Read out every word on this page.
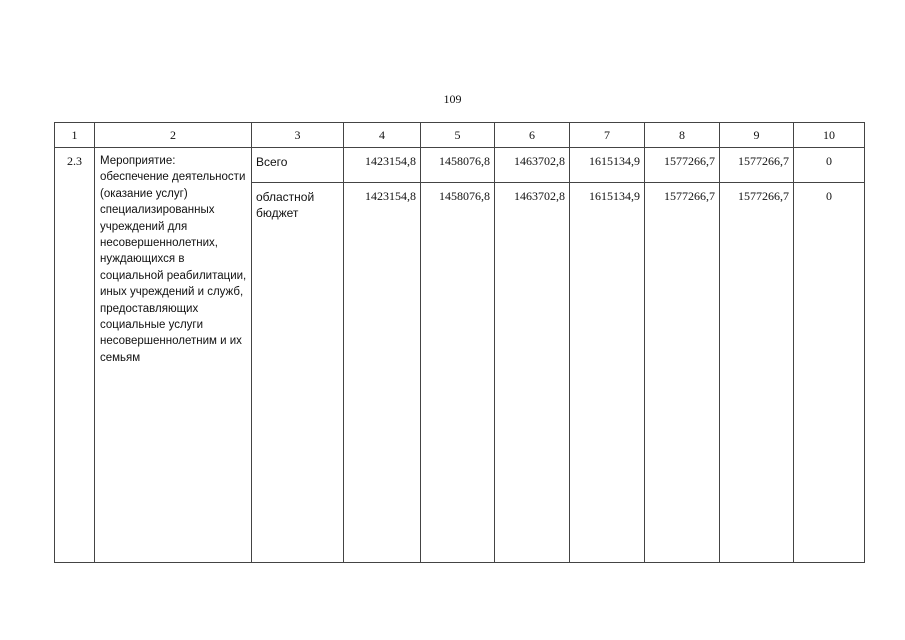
109
1	2	3	4	5	6	7	8	9	10
2.3	Мероприятие: обеспечение деятельности (оказание услуг) специализированных учреждений для несовершеннолетних, нуждающихся в социальной реабилитации, иных учреждений и служб, предоставляющих социальные услуги несовершеннолетним и их семьям	Всего	1423154,8	1458076,8	1463702,8	1615134,9	1577266,7	1577266,7	0
		областной бюджет	1423154,8	1458076,8	1463702,8	1615134,9	1577266,7	1577266,7	0
